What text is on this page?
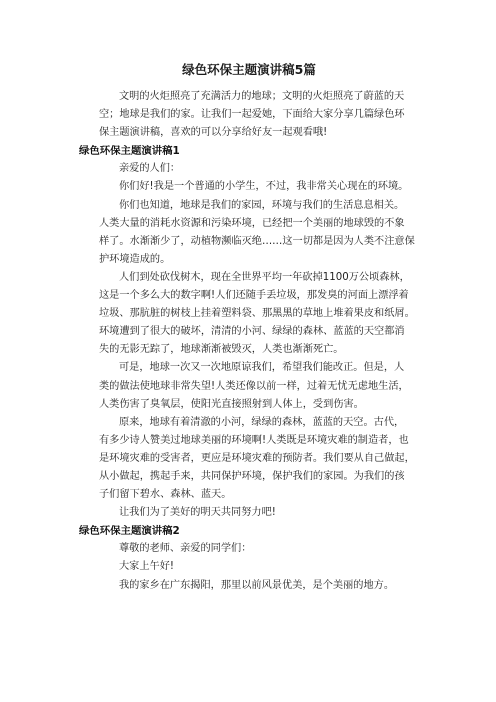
绿色环保主题演讲稿5篇
文明的火炬照亮了充满活力的地球；文明的火炬照亮了蔚蓝的天
空；地球是我们的家。让我们一起爱她，下面给大家分享几篇绿色环
保主题演讲稿，喜欢的可以分享给好友一起观看哦!
绿色环保主题演讲稿1
亲爱的人们：
你们好!我是一个普通的小学生，不过，我非常关心现在的环境。
你们也知道，地球是我们的家园，环境与我们的生活息息相关。
人类大量的消耗水资源和污染环境，已经把一个美丽的地球毁的不象
样了。水渐渐少了，动植物濒临灭绝……这一切都是因为人类不注意保
护环境造成的。
人们到处砍伐树木，现在全世界平均一年砍掉1100万公顷森林，
这是一个多么大的数字啊!人们还随手丢垃圾，那发臭的河面上漂浮着
垃圾、那肮脏的树枝上挂着塑料袋、那黑黑的草地上堆着果皮和纸屑。
环境遭到了很大的破坏，清清的小河、绿绿的森林、蓝蓝的天空都消
失的无影无踪了，地球渐渐被毁灭，人类也渐渐死亡。
可是，地球一次又一次地原谅我们，希望我们能改正。但是，人
类的做法使地球非常失望!人类还像以前一样，过着无忧无虑地生活，
人类伤害了臭氧层，使阳光直接照射到人体上，受到伤害。
原来，地球有着清澈的小河，绿绿的森林，蓝蓝的天空。古代，
有多少诗人赞美过地球美丽的环境啊!人类既是环境灾难的制造者，也
是环境灾难的受害者，更应是环境灾难的预防者。我们要从自己做起，
从小做起，携起手来，共同保护环境，保护我们的家园。为我们的孩
子们留下碧水、森林、蓝天。
让我们为了美好的明天共同努力吧!
绿色环保主题演讲稿2
尊敬的老师、亲爱的同学们：
大家上午好!
我的家乡在广东揭阳，那里以前风景优美，是个美丽的地方。
